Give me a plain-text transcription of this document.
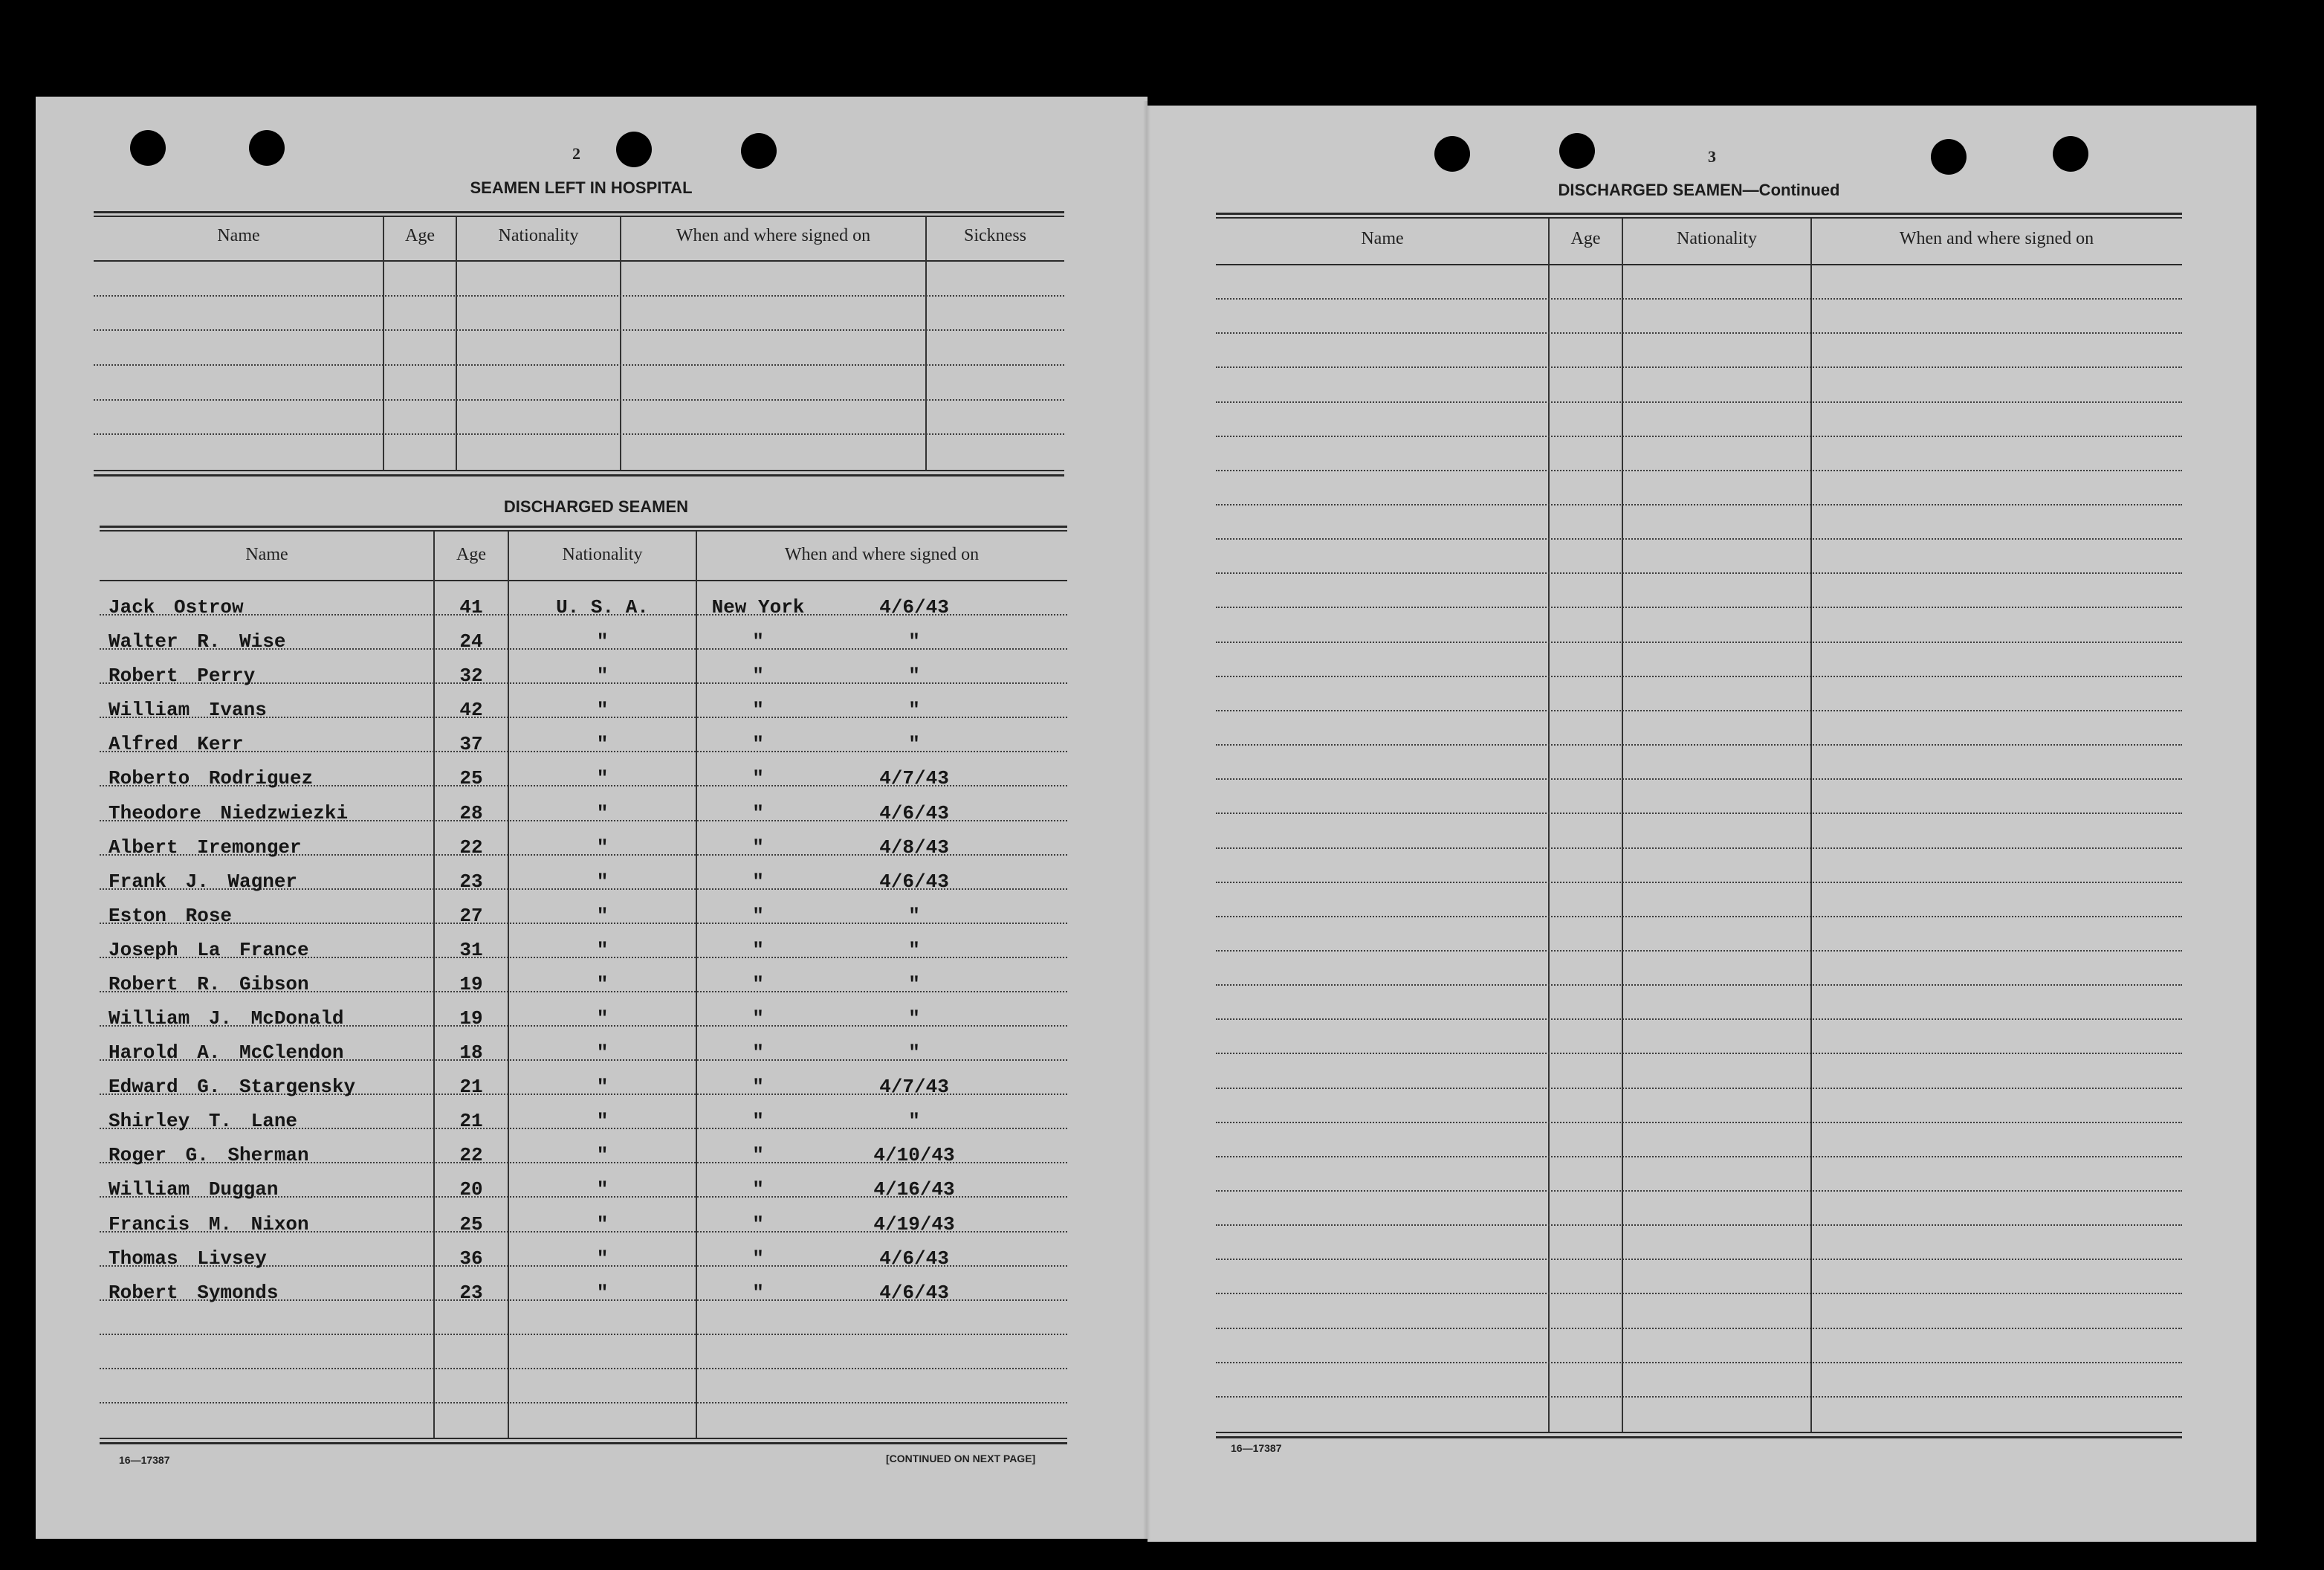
2
SEAMEN LEFT IN HOSPITAL
Name	Age	Nationality	When and where signed on	Sickness
DISCHARGED SEAMEN
Name	Age	Nationality	When and where signed on
Jack Ostrow	41	U. S. A.	New York	4/6/43
Walter R. Wise	24	"	"	"
Robert Perry	32	"	"	"
William Ivans	42	"	"	"
Alfred Kerr	37	"	"	"
Roberto Rodriguez	25	"	"	4/7/43
Theodore Niedzwiezki	28	"	"	4/6/43
Albert Iremonger	22	"	"	4/8/43
Frank J. Wagner	23	"	"	4/6/43
Eston Rose	27	"	"	"
Joseph La France	31	"	"	"
Robert R. Gibson	19	"	"	"
William J. McDonald	19	"	"	"
Harold A. McClendon	18	"	"	"
Edward G. Stargensky	21	"	"	4/7/43
Shirley T. Lane	21	"	"	"
Roger G. Sherman	22	"	"	4/10/43
William Duggan	20	"	"	4/16/43
Francis M. Nixon	25	"	"	4/19/43
Thomas Livsey	36	"	"	4/6/43
Robert Symonds	23	"	"	4/6/43
16—17387	[CONTINUED ON NEXT PAGE]
3
DISCHARGED SEAMEN—Continued
Name	Age	Nationality	When and where signed on
16—17387
